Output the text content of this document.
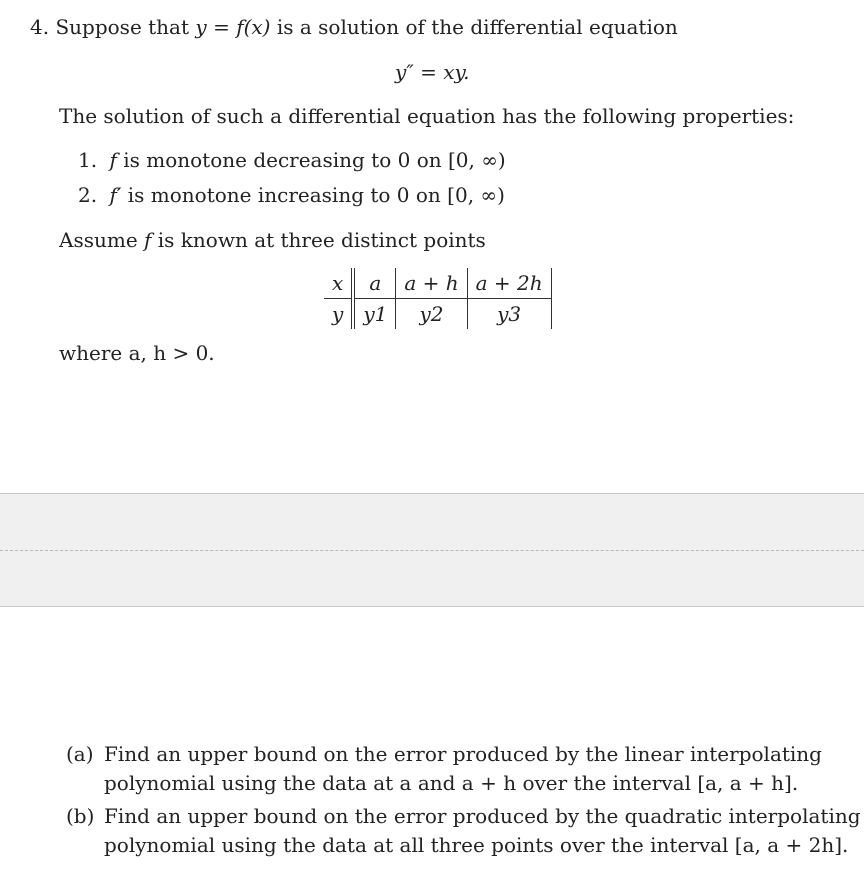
4. Suppose that y = f(x) is a solution of the differential equation
y″ = xy.
The solution of such a differential equation has the following properties:
1. f is monotone decreasing to 0 on [0, ∞)
2. f′ is monotone increasing to 0 on [0, ∞)
Assume f is known at three distinct points
x	a	a + h	a + 2h
y	y1	y2	y3
where a, h > 0.
(a) Find an upper bound on the error produced by the linear interpolating
polynomial using the data at a and a + h over the interval [a, a + h].
(b) Find an upper bound on the error produced by the quadratic interpolating
polynomial using the data at all three points over the interval [a, a + 2h].
